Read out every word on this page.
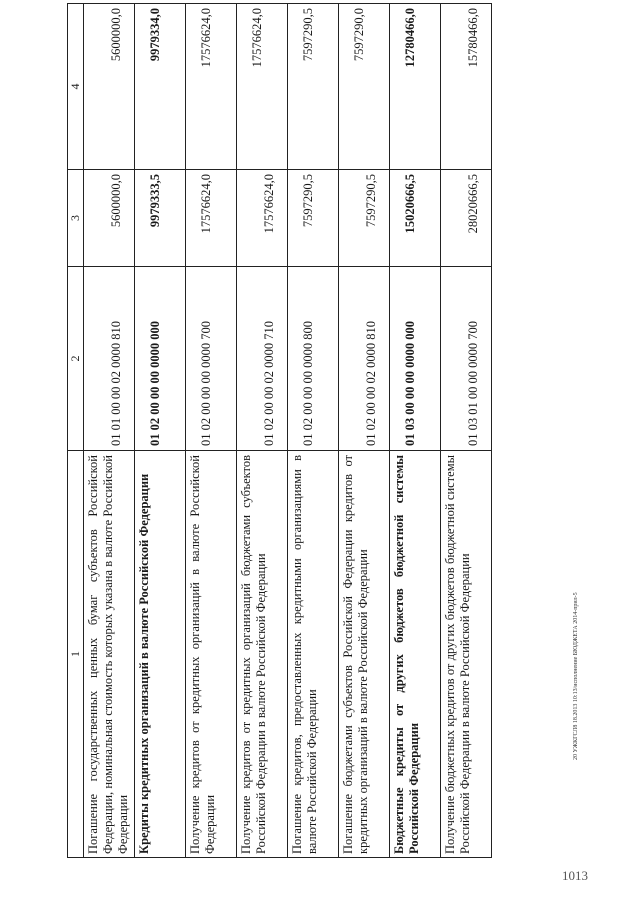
1	2	3	4
Погашение государственных ценных бумаг субъектов Российской Федерации, номинальная стоимость которых указана в валюте Российской Федерации	01 01 00 00 02 0000 810	5600000,0	5600000,0
Кредиты кредитных организаций в валюте Российской Федерации	01 02 00 00 00 0000 000	9979333,5	9979334,0
Получение кредитов от кредитных организаций в валюте Российской Федерации	01 02 00 00 00 0000 700	17576624,0	17576624,0
Получение кредитов от кредитных организаций бюджетами субъектов Российской Федерации в валюте Российской Федерации	01 02 00 00 02 0000 710	17576624,0	17576624,0
Погашение кредитов, предоставленных кредитными организациями в валюте Российской Федерации	01 02 00 00 00 0000 800	7597290,5	7597290,5
Погашение бюджетами субъектов Российской Федерации кредитов от кредитных организаций в валюте Российской Федерации	01 02 00 00 02 0000 810	7597290,5	7597290,0
Бюджетные кредиты от других бюджетов бюджетной системы Российской Федерации	01 03 00 00 00 0000 000	15020666,5	12780466,0
Получение бюджетных кредитов от других бюджетов бюджетной системы Российской Федерации в валюте Российской Федерации	01 03 01 00 00 0000 700	28020666,5	15780466,0
20 УЖКГСЛ8 18.2013 10:13/исполнение БЮДЖЕТА 2014-прил-5
1013
